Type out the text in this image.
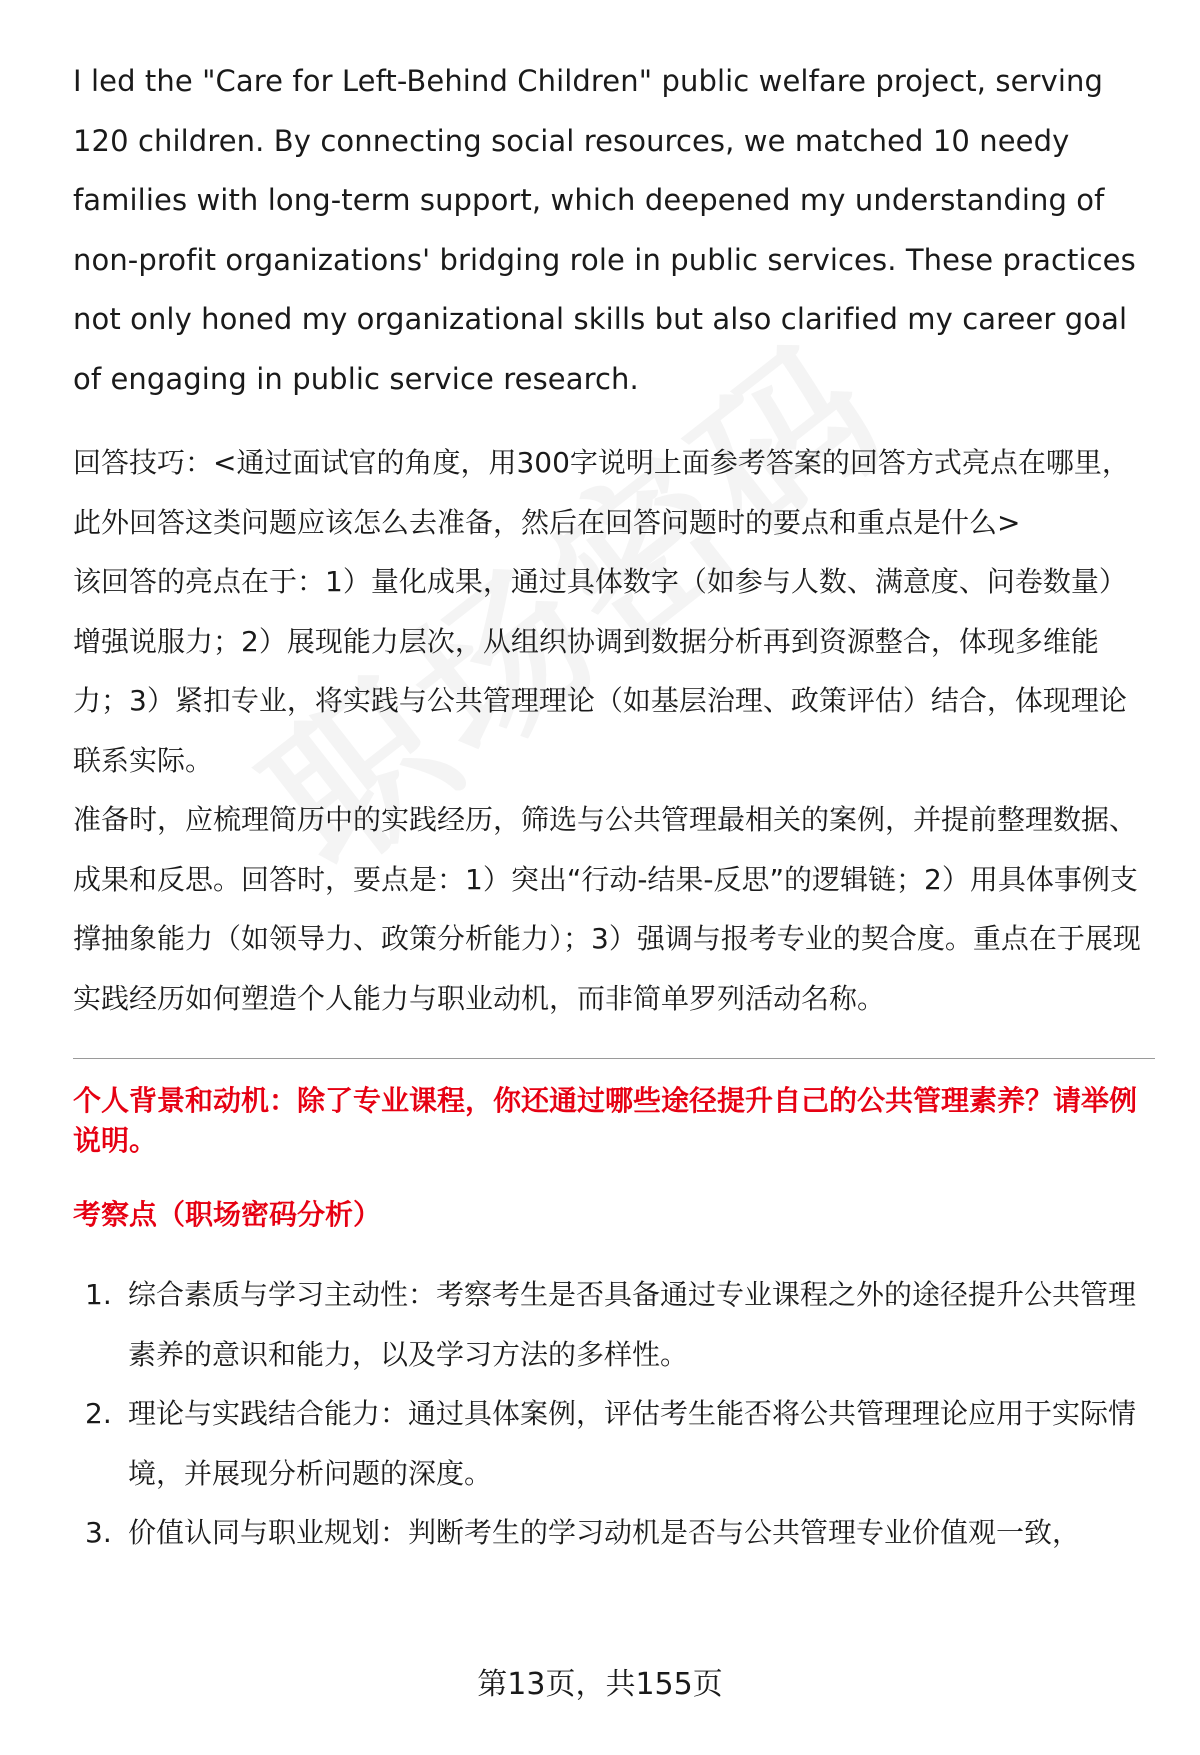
I led the "Care for Left-Behind Children" public welfare project, serving 120 children. By connecting social resources, we matched 10 needy families with long-term support, which deepened my understanding of non-profit organizations' bridging role in public services. These practices not only honed my organizational skills but also clarified my career goal of engaging in public service research.

回答技巧：<通过面试官的角度，用300字说明上面参考答案的回答方式亮点在哪里，此外回答这类问题应该怎么去准备，然后在回答问题时的要点和重点是什么>

该回答的亮点在于：1）量化成果，通过具体数字（如参与人数、满意度、问卷数量）增强说服力；2）展现能力层次，从组织协调到数据分析再到资源整合，体现多维能力；3）紧扣专业，将实践与公共管理理论（如基层治理、政策评估）结合，体现理论联系实际。

准备时，应梳理简历中的实践经历，筛选与公共管理最相关的案例，并提前整理数据、成果和反思。回答时，要点是：1）突出“行动-结果-反思”的逻辑链；2）用具体事例支撑抽象能力（如领导力、政策分析能力）；3）强调与报考专业的契合度。重点在于展现实践经历如何塑造个人能力与职业动机，而非简单罗列活动名称。

个人背景和动机：除了专业课程，你还通过哪些途径提升自己的公共管理素养？请举例说明。

考察点（职场密码分析）

1. 综合素质与学习主动性：考察考生是否具备通过专业课程之外的途径提升公共管理素养的意识和能力，以及学习方法的多样性。
2. 理论与实践结合能力：通过具体案例，评估考生能否将公共管理理论应用于实际情境，并展现分析问题的深度。
3. 价值认同与职业规划：判断考生的学习动机是否与公共管理专业价值观一致，
第13页，共155页
